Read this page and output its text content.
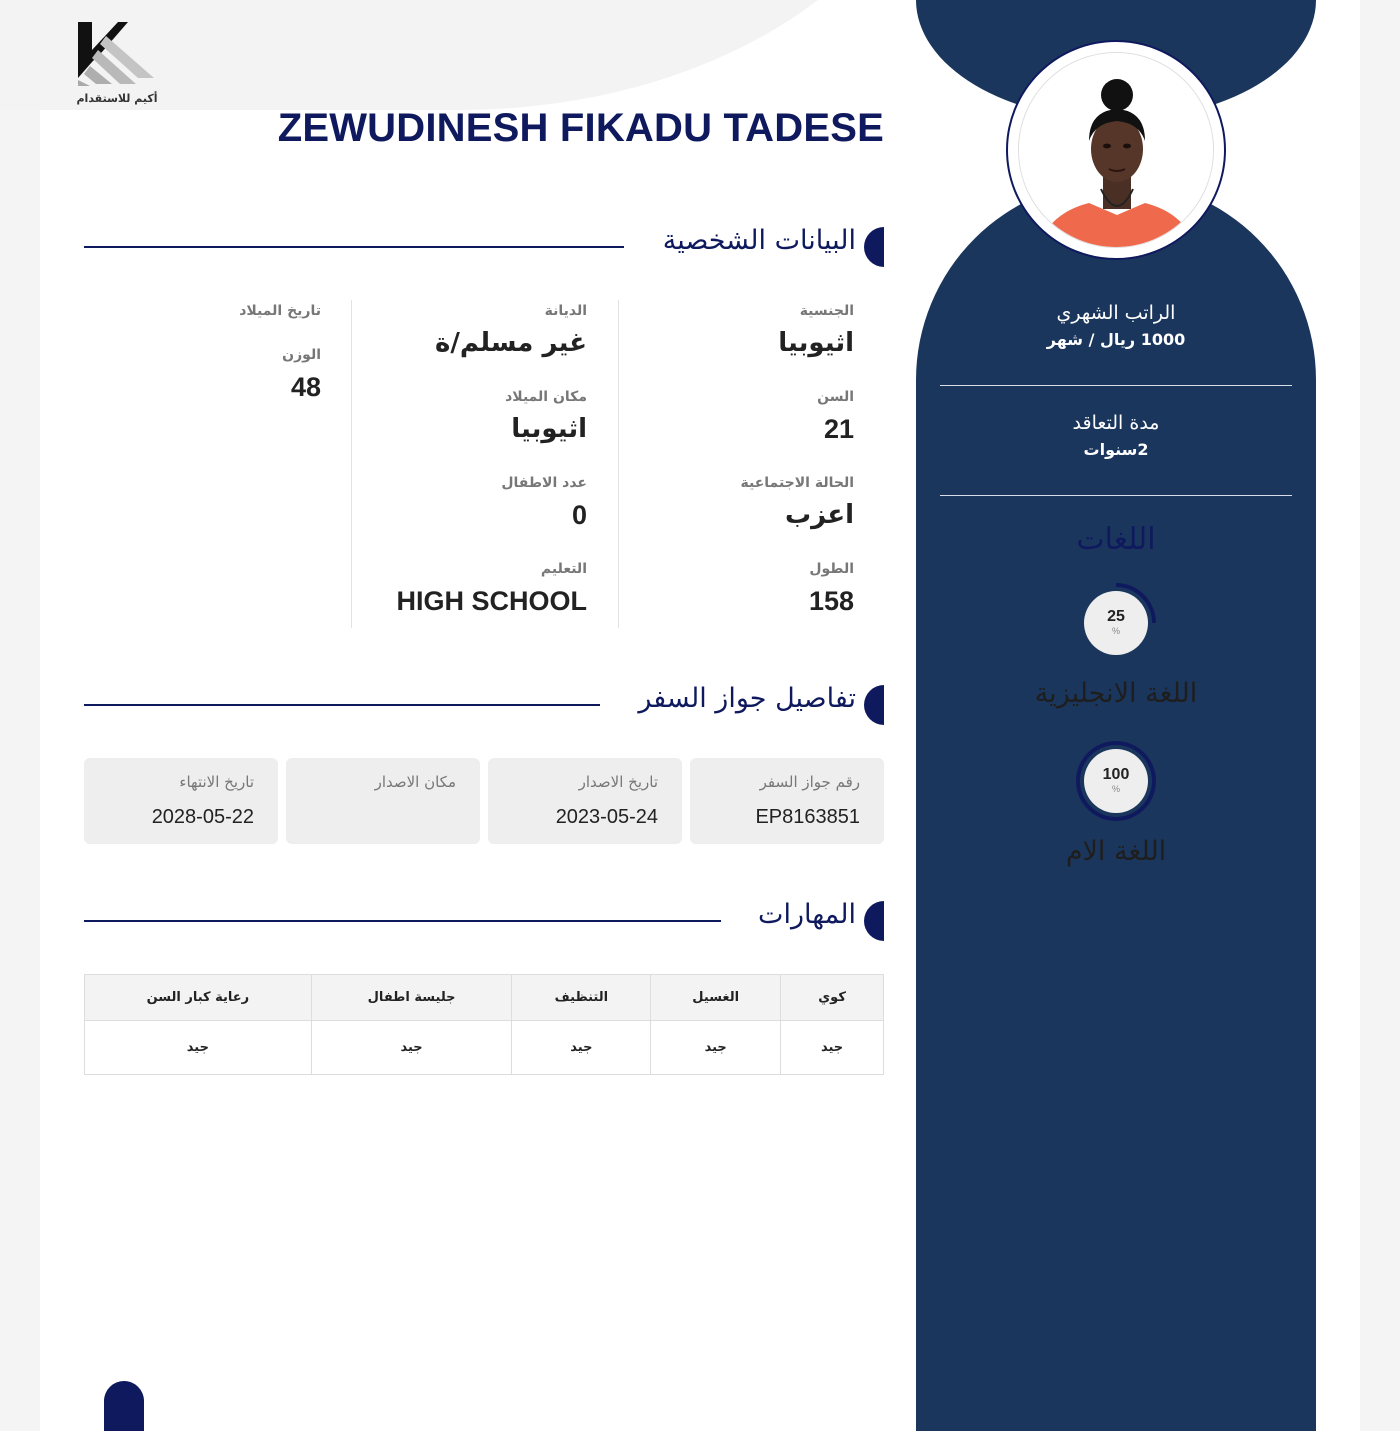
أكيم للاستقدام
الراتب الشهري
1000 ريال / شهر
مدة التعاقد
2سنوات
اللغات
25
%
اللغة الانجليزية
100
%
اللغة الام
ZEWUDINESH FIKADU TADESE
البيانات الشخصية
الجنسية
اثيوبيا
السن
21
الحالة الاجتماعية
اعزب
الطول
158
الديانة
غير مسلم/ة
مكان الميلاد
اثيوبيا
عدد الاطفال
0
التعليم
HIGH SCHOOL
تاريخ الميلاد
الوزن
48
تفاصيل جواز السفر
رقم جواز السفر
EP8163851
تاريخ الاصدار
2023-05-24
مكان الاصدار
تاريخ الانتهاء
2028-05-22
المهارات
كوي	الغسيل	التنظيف	جليسة اطفال	رعاية كبار السن
جيد	جيد	جيد	جيد	جيد
